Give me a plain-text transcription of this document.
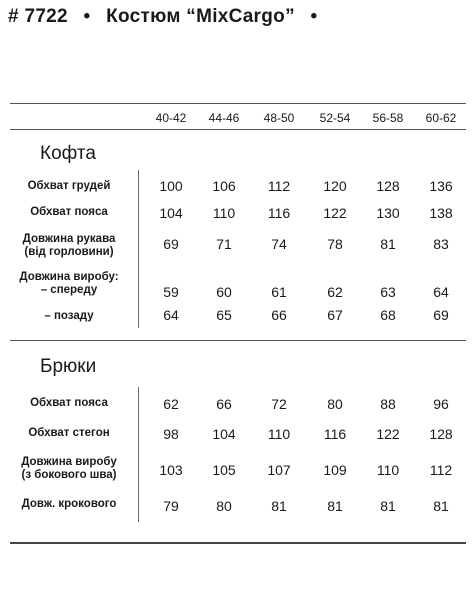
# 7722 • Костюм “MixCargo” •
40-42	44-46	48-50	52-54	56-58	60-62
Кофта
Брюки
Обхват грудей	100	106	112	120	128	136
Обхват поясa	104	110	116	122	130	138
Довжина рукава
(від горловини)	69	71	74	78	81	83
Довжина виробу:
– спереду	59	60	61	62	63	64
– позаду	64	65	66	67	68	69
Обхват пояса	62	66	72	80	88	96
Обхват стегон	98	104	110	116	122	128
Довжина виробу
(з бокового шва)	103	105	107	109	110	112
Довж. крокового	79	80	81	81	81	81
